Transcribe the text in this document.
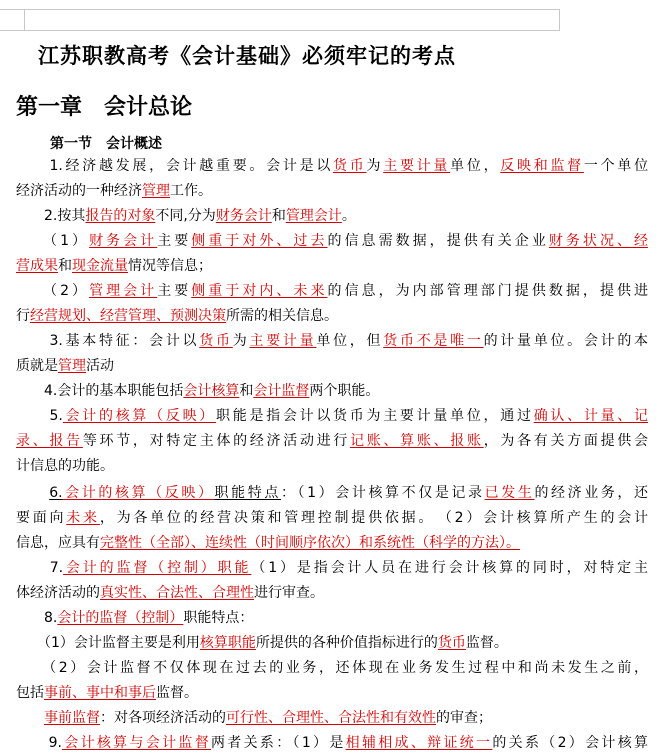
江苏职教高考《会计基础》必须牢记的考点
第一章　会计总论
第一节　会计概述
　　1.经济越发展，会计越重要。会计是以货币为主要计量单位，反映和监督一个单位
经济活动的一种经济管理工作。
　　2.按其报告的对象不同,分为财务会计和管理会计。
　　（1）财务会计主要侧重于对外、过去的信息需数据，提供有关企业财务状况、经
营成果和现金流量情况等信息；
　　（2）管理会计主要侧重于对内、未来的信息，为内部管理部门提供数据，提供进
行经营规划、经营管理、预测决策所需的相关信息。
　　3.基本特征：会计以货币为主要计量单位，但货币不是唯一的计量单位。会计的本
质就是管理活动
　　4.会计的基本职能包括会计核算和会计监督两个职能。
　　5.会计的核算（反映）职能是指会计以货币为主要计量单位，通过确认、计量、记
录、报告等环节，对特定主体的经济活动进行记账、算账、报账，为各有关方面提供会
计信息的功能。
　　6.会计的核算（反映）职能特点：（1）会计核算不仅是记录已发生的经济业务，还
要面向未来，为各单位的经营决策和管理控制提供依据。　（2）会计核算所产生的会计
信息，应具有完整性（全部）、连续性（时间顺序依次）和系统性（科学的方法）。
　　7.会计的监督（控制）职能（1）是指会计人员在进行会计核算的同时，对特定主
体经济活动的真实性、合法性、合理性进行审查。
　　8.会计的监督（控制）职能特点：
　　（1）会计监督主要是利用核算职能所提供的各种价值指标进行的货币监督。
　　（2）会计监督不仅体现在过去的业务，还体现在业务发生过程中和尚未发生之前，
包括事前、事中和事后监督。
　　事前监督：对各项经济活动的可行性、合理性、合法性和有效性的审查；
　　9.会计核算与会计监督两者关系：（1）是相辅相成、辩证统一的关系（2）会计核算
